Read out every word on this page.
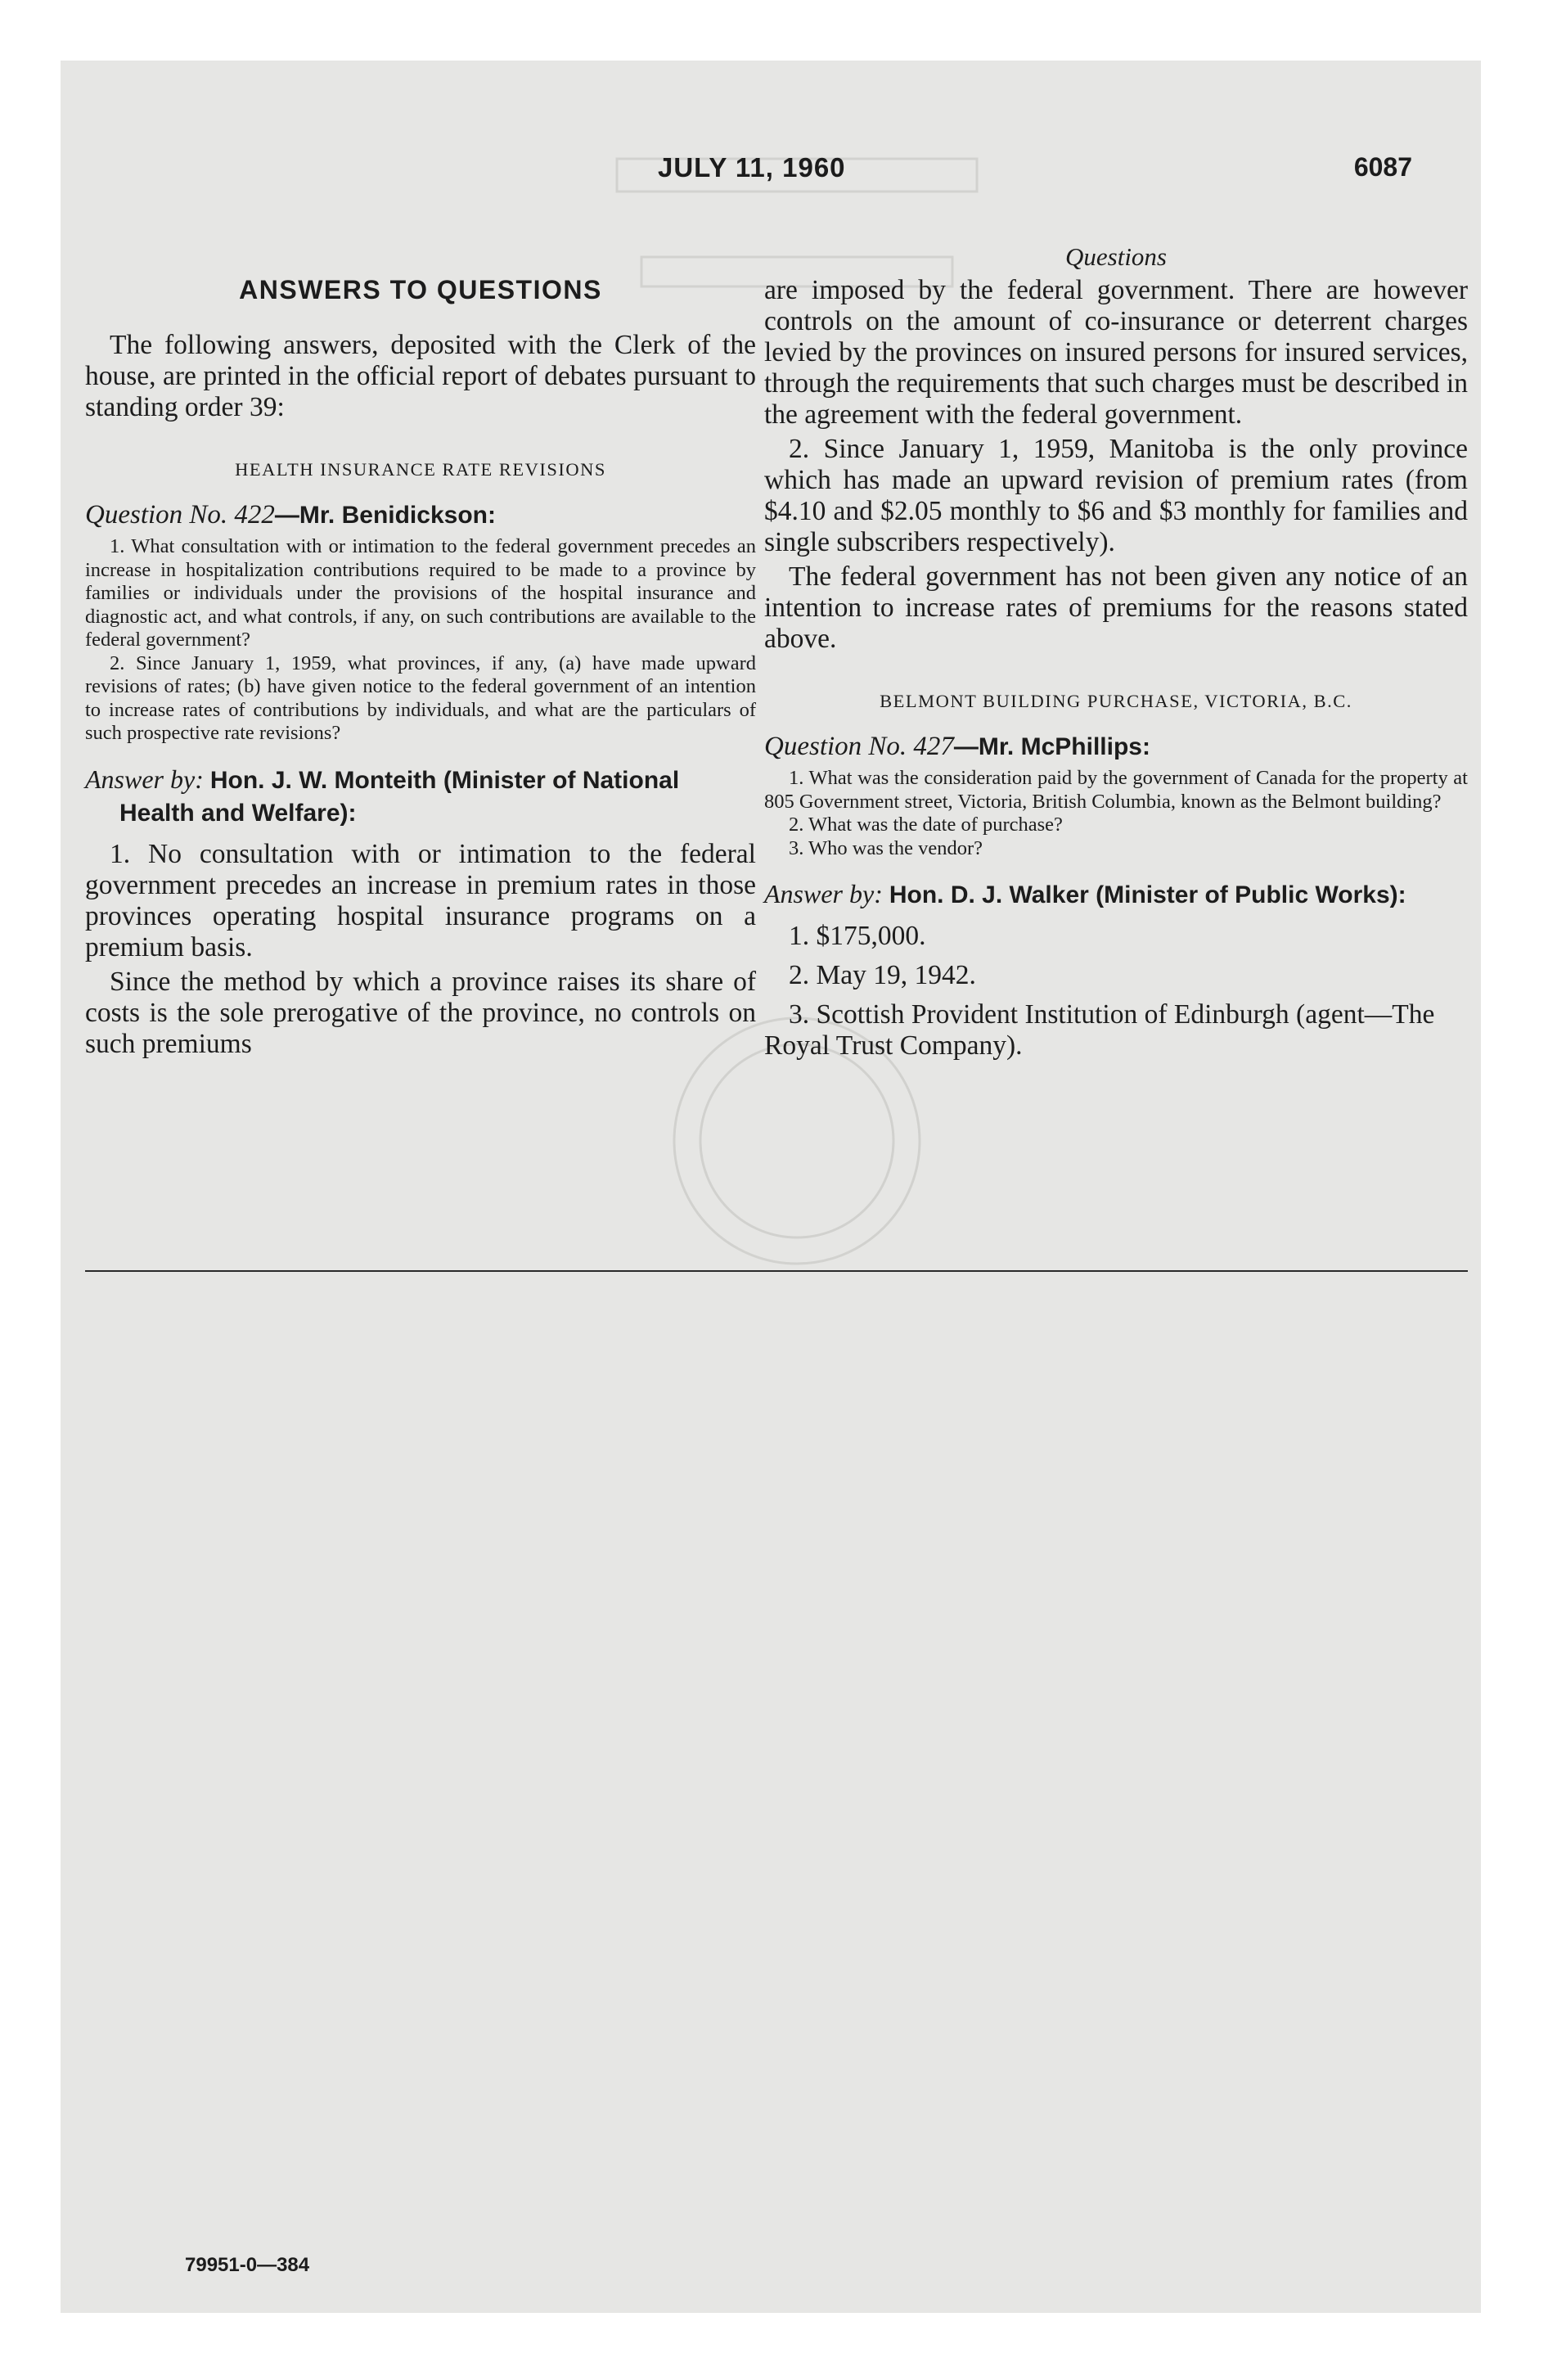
JULY 11, 1960	6087
ANSWERS TO QUESTIONS

The following answers, deposited with the Clerk of the house, are printed in the official report of debates pursuant to standing order 39:

HEALTH INSURANCE RATE REVISIONS

Question No. 422—Mr. Benidickson:

1. What consultation with or intimation to the federal government precedes an increase in hospitalization contributions required to be made to a province by families or individuals under the provisions of the hospital insurance and diagnostic act, and what controls, if any, on such contributions are available to the federal government?

2. Since January 1, 1959, what provinces, if any, (a) have made upward revisions of rates; (b) have given notice to the federal government of an intention to increase rates of contributions by individuals, and what are the particulars of such prospective rate revisions?

Answer by: Hon. J. W. Monteith (Minister of National Health and Welfare):

1. No consultation with or intimation to the federal government precedes an increase in premium rates in those provinces operating hospital insurance programs on a premium basis.

Since the method by which a province raises its share of costs is the sole prerogative of the province, no controls on such premiums

Questions

are imposed by the federal government. There are however controls on the amount of co-insurance or deterrent charges levied by the provinces on insured persons for insured services, through the requirements that such charges must be described in the agreement with the federal government.

2. Since January 1, 1959, Manitoba is the only province which has made an upward revision of premium rates (from $4.10 and $2.05 monthly to $6 and $3 monthly for families and single subscribers respectively).

The federal government has not been given any notice of an intention to increase rates of premiums for the reasons stated above.

BELMONT BUILDING PURCHASE, VICTORIA, B.C.

Question No. 427—Mr. McPhillips:

1. What was the consideration paid by the government of Canada for the property at 805 Government street, Victoria, British Columbia, known as the Belmont building?

2. What was the date of purchase?

3. Who was the vendor?

Answer by: Hon. D. J. Walker (Minister of Public Works):

1. $175,000.

2. May 19, 1942.

3. Scottish Provident Institution of Edinburgh (agent—The Royal Trust Company).

79951-0—384
